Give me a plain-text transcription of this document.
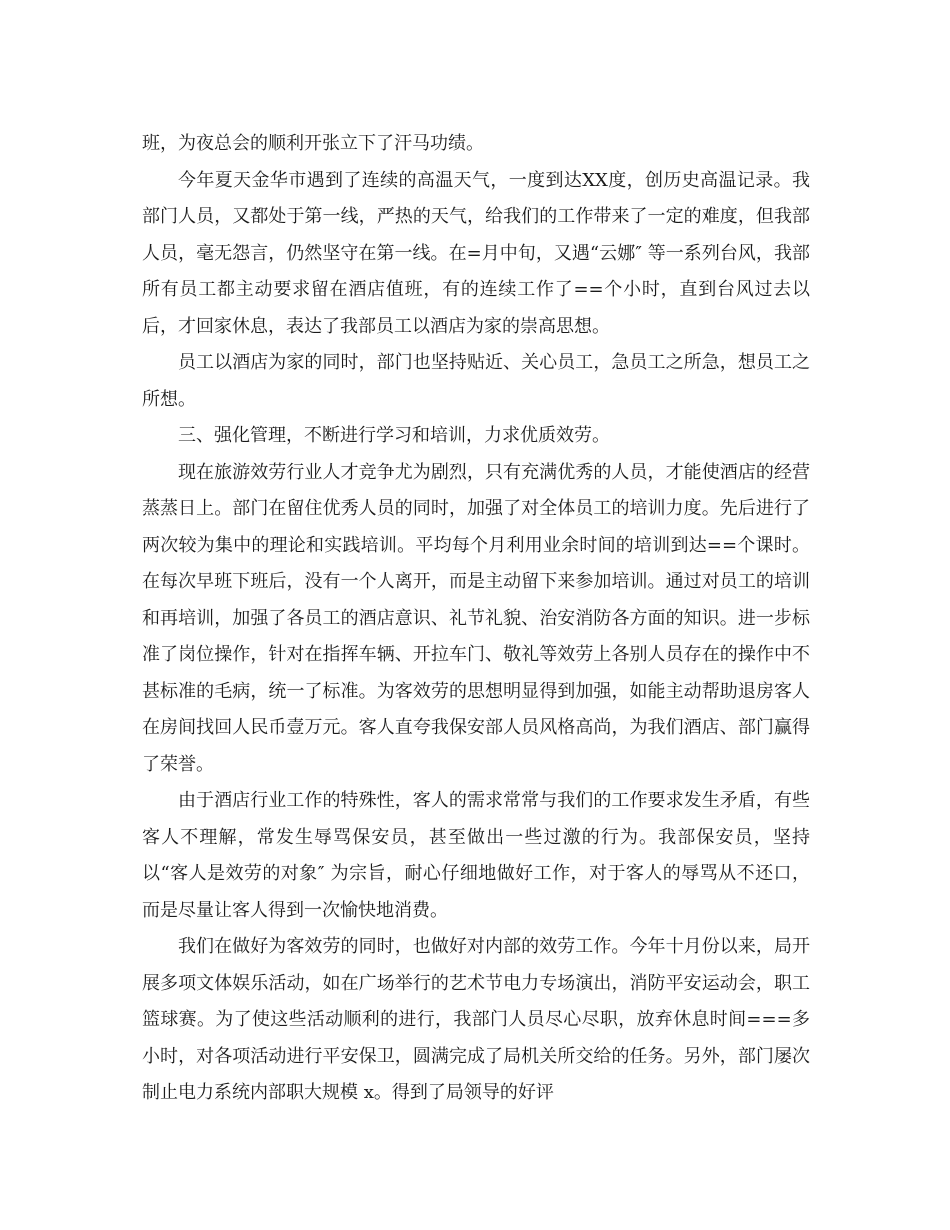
班，为夜总会的顺利开张立下了汗马功绩。

今年夏天金华市遇到了连续的高温天气，一度到达XX度，创历史高温记录。我部门人员，又都处于第一线，严热的天气，给我们的工作带来了一定的难度，但我部人员，毫无怨言，仍然坚守在第一线。在=月中旬，又遇“云娜″ 等一系列台风，我部所有员工都主动要求留在酒店值班，有的连续工作了==个小时，直到台风过去以后，才回家休息，表达了我部员工以酒店为家的崇高思想。

员工以酒店为家的同时，部门也坚持贴近、关心员工，急员工之所急，想员工之所想。

三、强化管理，不断进行学习和培训，力求优质效劳。

现在旅游效劳行业人才竞争尤为剧烈，只有充满优秀的人员，才能使酒店的经营蒸蒸日上。部门在留住优秀人员的同时，加强了对全体员工的培训力度。先后进行了两次较为集中的理论和实践培训。平均每个月利用业余时间的培训到达==个课时。在每次早班下班后，没有一个人离开，而是主动留下来参加培训。通过对员工的培训和再培训，加强了各员工的酒店意识、礼节礼貌、治安消防各方面的知识。进一步标准了岗位操作，针对在指挥车辆、开拉车门、敬礼等效劳上各别人员存在的操作中不甚标准的毛病，统一了标准。为客效劳的思想明显得到加强，如能主动帮助退房客人在房间找回人民币壹万元。客人直夸我保安部人员风格高尚，为我们酒店、部门赢得了荣誉。

由于酒店行业工作的特殊性，客人的需求常常与我们的工作要求发生矛盾，有些客人不理解，常发生辱骂保安员，甚至做出一些过激的行为。我部保安员，坚持以“客人是效劳的对象″ 为宗旨，耐心仔细地做好工作，对于客人的辱骂从不还口，而是尽量让客人得到一次愉快地消费。

我们在做好为客效劳的同时，也做好对内部的效劳工作。今年十月份以来，局开展多项文体娱乐活动，如在广场举行的艺术节电力专场演出，消防平安运动会，职工篮球赛。为了使这些活动顺利的进行，我部门人员尽心尽职，放弃休息时间===多小时，对各项活动进行平安保卫，圆满完成了局机关所交给的任务。另外，部门屡次制止电力系统内部职大规模 x。得到了局领导的好评
